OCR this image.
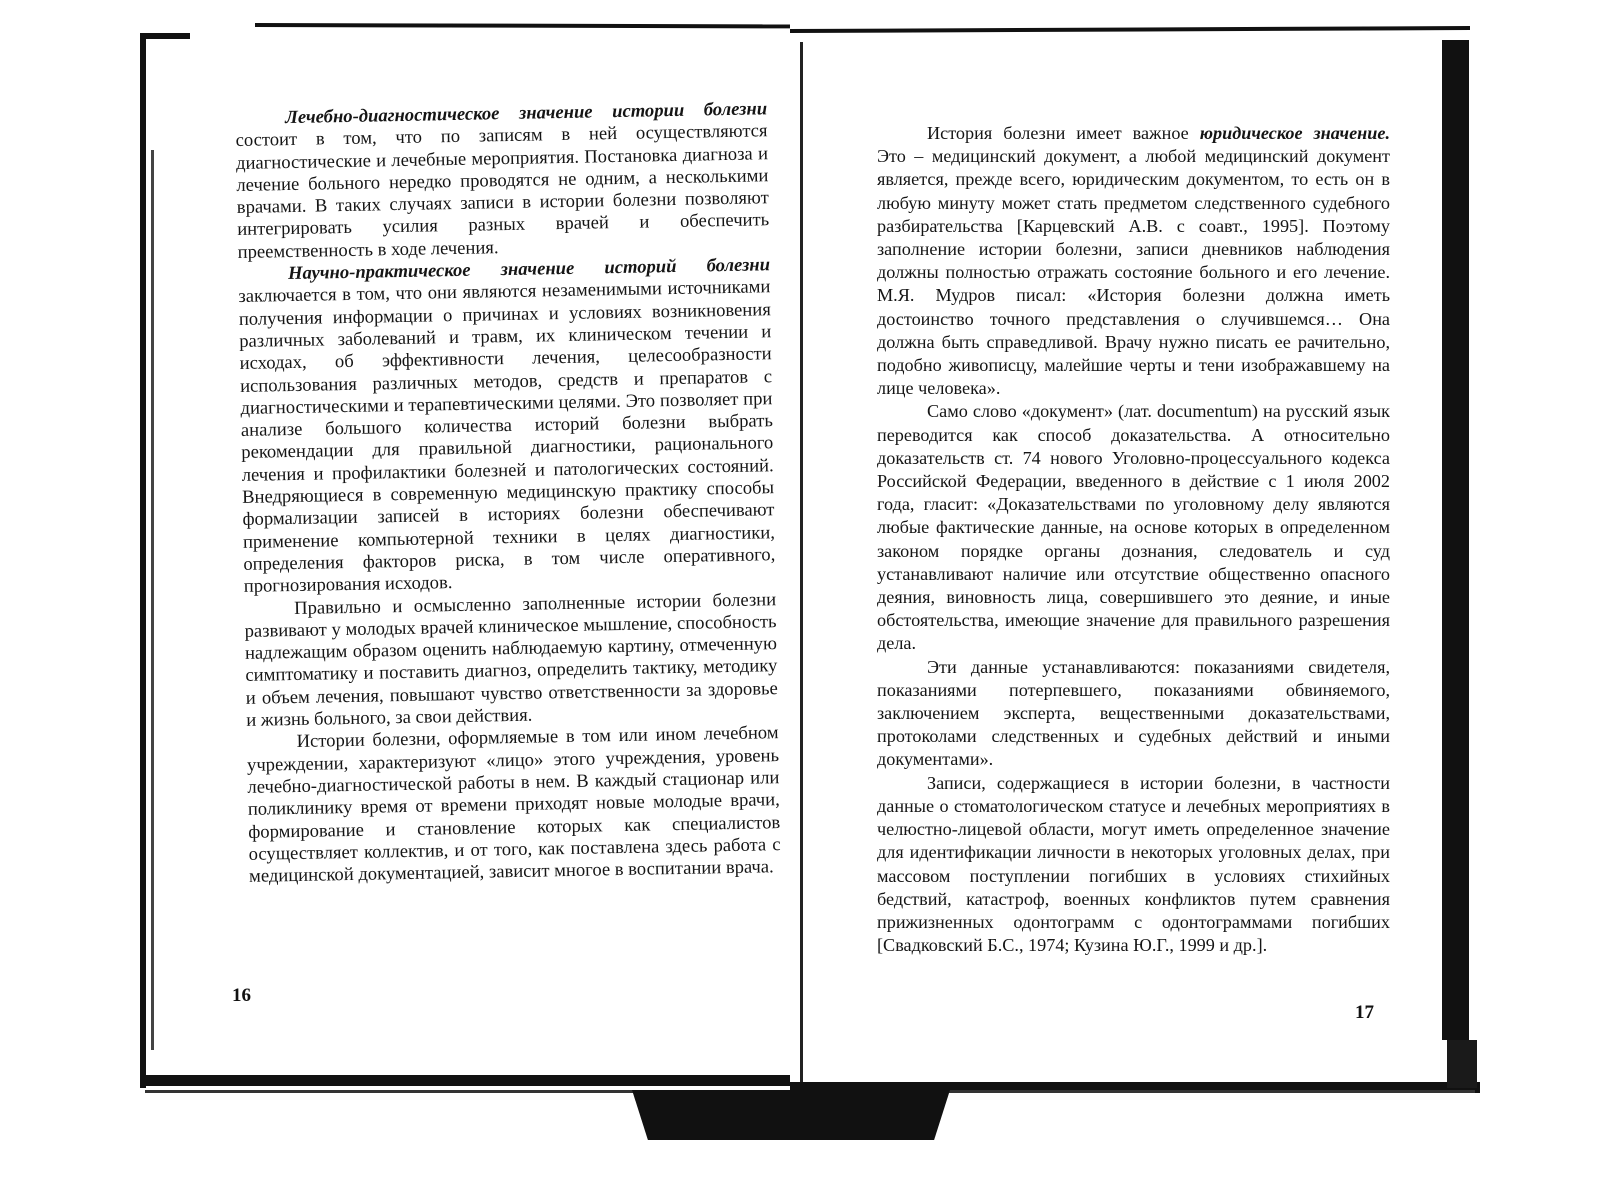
Лечебно-диагностическое значение истории болезни состоит в том, что по записям в ней осуществляются диагностические и лечебные мероприятия. Постановка диагноза и лечение больного нередко проводятся не одним, а несколькими врачами. В таких случаях записи в истории болезни позволяют интегрировать усилия разных врачей и обеспечить преемственность в ходе лечения.

Научно-практическое значение историй болезни заключается в том, что они являются незаменимыми источниками получения информации о причинах и условиях возникновения различных заболеваний и травм, их клиническом течении и исходах, об эффективности лечения, целесообразности использования различных методов, средств и препаратов с диагностическими и терапевтическими целями. Это позволяет при анализе большого количества историй болезни выбрать рекомендации для правильной диагностики, рационального лечения и профилактики болезней и патологических состояний. Внедряющиеся в современную медицинскую практику способы формализации записей в историях болезни обеспечивают применение компьютерной техники в целях диагностики, определения факторов риска, в том числе оперативного, прогнозирования исходов.

Правильно и осмысленно заполненные истории болезни развивают у молодых врачей клиническое мышление, способность надлежащим образом оценить наблюдаемую картину, отмеченную симптоматику и поставить диагноз, определить тактику, методику и объем лечения, повышают чувство ответственности за здоровье и жизнь больного, за свои действия.

Истории болезни, оформляемые в том или ином лечебном учреждении, характеризуют «лицо» этого учреждения, уровень лечебно-диагностической работы в нем. В каждый стационар или поликлинику время от времени приходят новые молодые врачи, формирование и становление которых как специалистов осуществляет коллектив, и от того, как поставлена здесь работа с медицинской документацией, зависит многое в воспитании врача.

16

История болезни имеет важное юридическое значение. Это – медицинский документ, а любой медицинский документ является, прежде всего, юридическим документом, то есть он в любую минуту может стать предметом следственного судебного разбирательства [Карцевский А.В. с соавт., 1995]. Поэтому заполнение истории болезни, записи дневников наблюдения должны полностью отражать состояние больного и его лечение. М.Я. Мудров писал: «История болезни должна иметь достоинство точного представления о случившемся… Она должна быть справедливой. Врачу нужно писать ее рачительно, подобно живописцу, малейшие черты и тени изображавшему на лице человека».

Само слово «документ» (лат. documentum) на русский язык переводится как способ доказательства. А относительно доказательств ст. 74 нового Уголовно-процессуального кодекса Российской Федерации, введенного в действие с 1 июля 2002 года, гласит: «Доказательствами по уголовному делу являются любые фактические данные, на основе которых в определенном законом порядке органы дознания, следователь и суд устанавливают наличие или отсутствие общественно опасного деяния, виновность лица, совершившего это деяние, и иные обстоятельства, имеющие значение для правильного разрешения дела.

Эти данные устанавливаются: показаниями свидетеля, показаниями потерпевшего, показаниями обвиняемого, заключением эксперта, вещественными доказательствами, протоколами следственных и судебных действий и иными документами».

Записи, содержащиеся в истории болезни, в частности данные о стоматологическом статусе и лечебных мероприятиях в челюстно-лицевой области, могут иметь определенное значение для идентификации личности в некоторых уголовных делах, при массовом поступлении погибших в условиях стихийных бедствий, катастроф, военных конфликтов путем сравнения прижизненных одонтограмм с одонтограммами погибших [Свадковский Б.С., 1974; Кузина Ю.Г., 1999 и др.].

17
